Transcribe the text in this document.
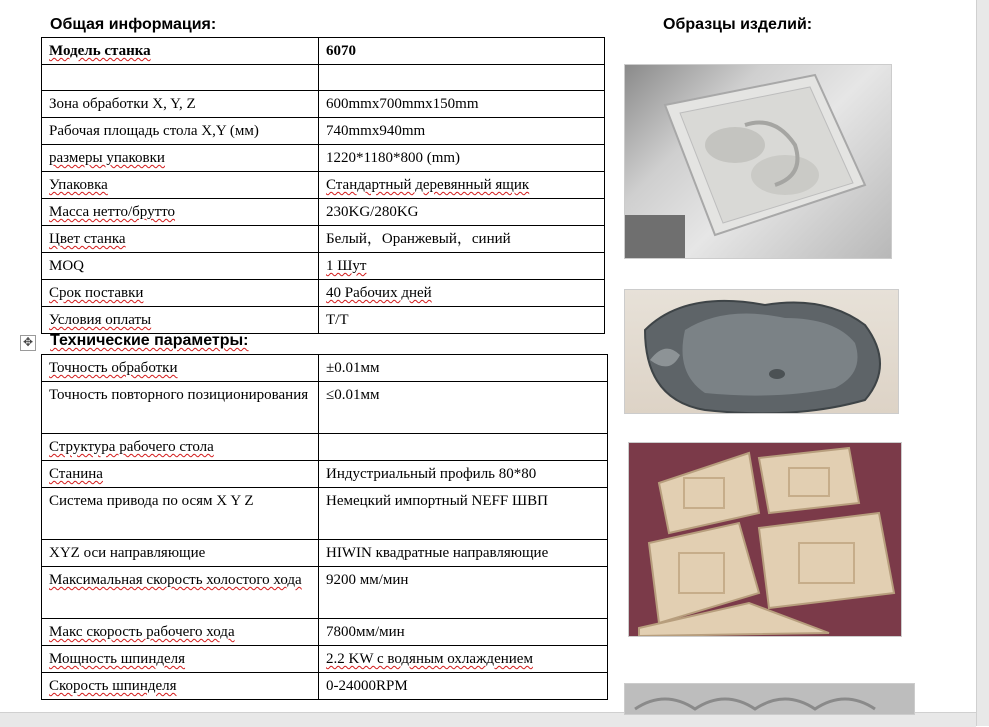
Общая информация:	Образцы изделий:
Модель станка	6070

Зона обработки X, Y, Z	600mmx700mmx150mm
Рабочая площадь стола X,Y (мм)	740mmx940mm
размеры упаковки	1220*1180*800 (mm)
Упаковка	Стандартный деревянный ящик
Масса нетто/брутто	230KG/280KG
Цвет станка	Белый，Оранжевый，синий
MOQ	1 Шут
Срок поставки	40 Рабочих дней
Условия оплаты	T/T
✥ Технические параметры:
Точность обработки	±0.01мм
Точность повторного позиционирования	≤0.01мм
Структура рабочего стола	
Станина	Индустриальный профиль 80*80
Система привода по осям X Y Z	Немецкий импортный NEFF ШВП
XYZ оси направляющие	HIWIN квадратные направляющие
Максимальная скорость холостого хода	9200 мм/мин
Макс скорость рабочего хода	7800мм/мин
Мощность шпинделя	2.2 KW с водяным охлаждением
Скорость шпинделя	0-24000RPM
